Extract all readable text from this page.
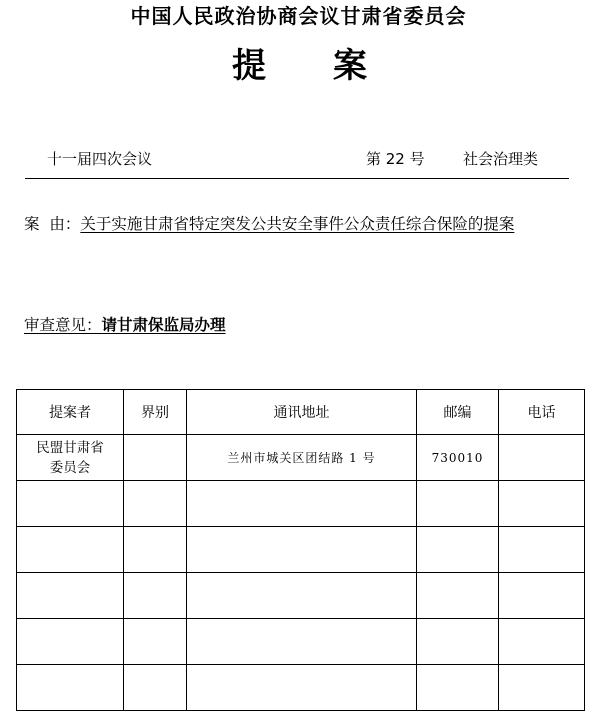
中国人民政治协商会议甘肃省委员会
提 案
十一届四次会议	第 22 号	社会治理类
案  由：关于实施甘肃省特定突发公共安全事件公众责任综合保险的提案
审查意见：请甘肃保监局办理
提案者	界别	通讯地址	邮编	电话

民盟甘肃省委员会		兰州市城关区团结路 1 号	730010	
